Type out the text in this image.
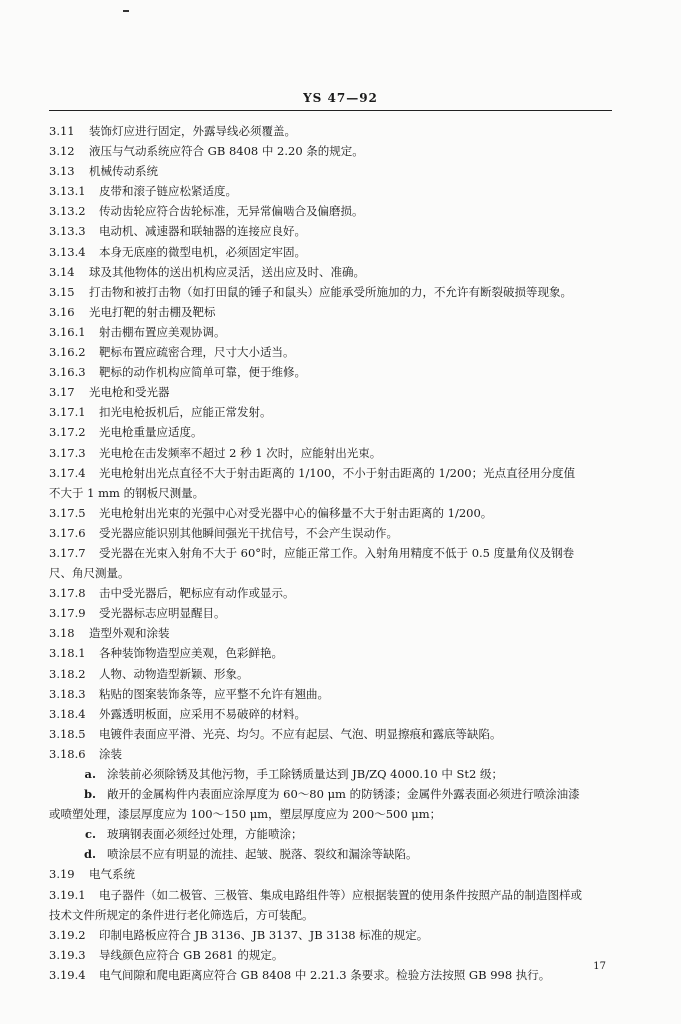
YS 47—92
3.11 装饰灯应进行固定，外露导线必须覆盖。
3.12 液压与气动系统应符合 GB 8408 中 2.20 条的规定。
3.13 机械传动系统
3.13.1 皮带和滚子链应松紧适度。
3.13.2 传动齿轮应符合齿轮标准，无异常偏啮合及偏磨损。
3.13.3 电动机、减速器和联轴器的连接应良好。
3.13.4 本身无底座的微型电机，必须固定牢固。
3.14 球及其他物体的送出机构应灵活，送出应及时、准确。
3.15 打击物和被打击物（如打田鼠的锤子和鼠头）应能承受所施加的力，不允许有断裂破损等现象。
3.16 光电打靶的射击棚及靶标
3.16.1 射击棚布置应美观协调。
3.16.2 靶标布置应疏密合理，尺寸大小适当。
3.16.3 靶标的动作机构应简单可靠，便于维修。
3.17 光电枪和受光器
3.17.1 扣光电枪扳机后，应能正常发射。
3.17.2 光电枪重量应适度。
3.17.3 光电枪在击发频率不超过 2 秒 1 次时，应能射出光束。
3.17.4 光电枪射出光点直径不大于射击距离的 1/100，不小于射击距离的 1/200；光点直径用分度值
不大于 1 mm 的钢板尺测量。
3.17.5 光电枪射出光束的光强中心对受光器中心的偏移量不大于射击距离的 1/200。
3.17.6 受光器应能识别其他瞬间强光干扰信号，不会产生误动作。
3.17.7 受光器在光束入射角不大于 60°时，应能正常工作。入射角用精度不低于 0.5 度量角仪及钢卷
尺、角尺测量。
3.17.8 击中受光器后，靶标应有动作或显示。
3.17.9 受光器标志应明显醒目。
3.18 造型外观和涂装
3.18.1 各种装饰物造型应美观，色彩鲜艳。
3.18.2 人物、动物造型新颖、形象。
3.18.3 粘贴的图案装饰条等，应平整不允许有翘曲。
3.18.4 外露透明板面，应采用不易破碎的材料。
3.18.5 电镀件表面应平滑、光亮、均匀。不应有起层、气泡、明显擦痕和露底等缺陷。
3.18.6 涂装
a. 涂装前必须除锈及其他污物，手工除锈质量达到 JB/ZQ 4000.10 中 St2 级；
b. 敞开的金属构件内表面应涂厚度为 60～80 μm 的防锈漆；金属件外露表面必须进行喷涂油漆
或喷塑处理，漆层厚度应为 100～150 μm，塑层厚度应为 200～500 μm；
c. 玻璃钢表面必须经过处理，方能喷涂；
d. 喷涂层不应有明显的流挂、起皱、脱落、裂纹和漏涂等缺陷。
3.19 电气系统
3.19.1 电子器件（如二极管、三极管、集成电路组件等）应根据装置的使用条件按照产品的制造图样或
技术文件所规定的条件进行老化筛选后，方可装配。
3.19.2 印制电路板应符合 JB 3136、JB 3137、JB 3138 标准的规定。
3.19.3 导线颜色应符合 GB 2681 的规定。
3.19.4 电气间隙和爬电距离应符合 GB 8408 中 2.21.3 条要求。检验方法按照 GB 998 执行。
17
